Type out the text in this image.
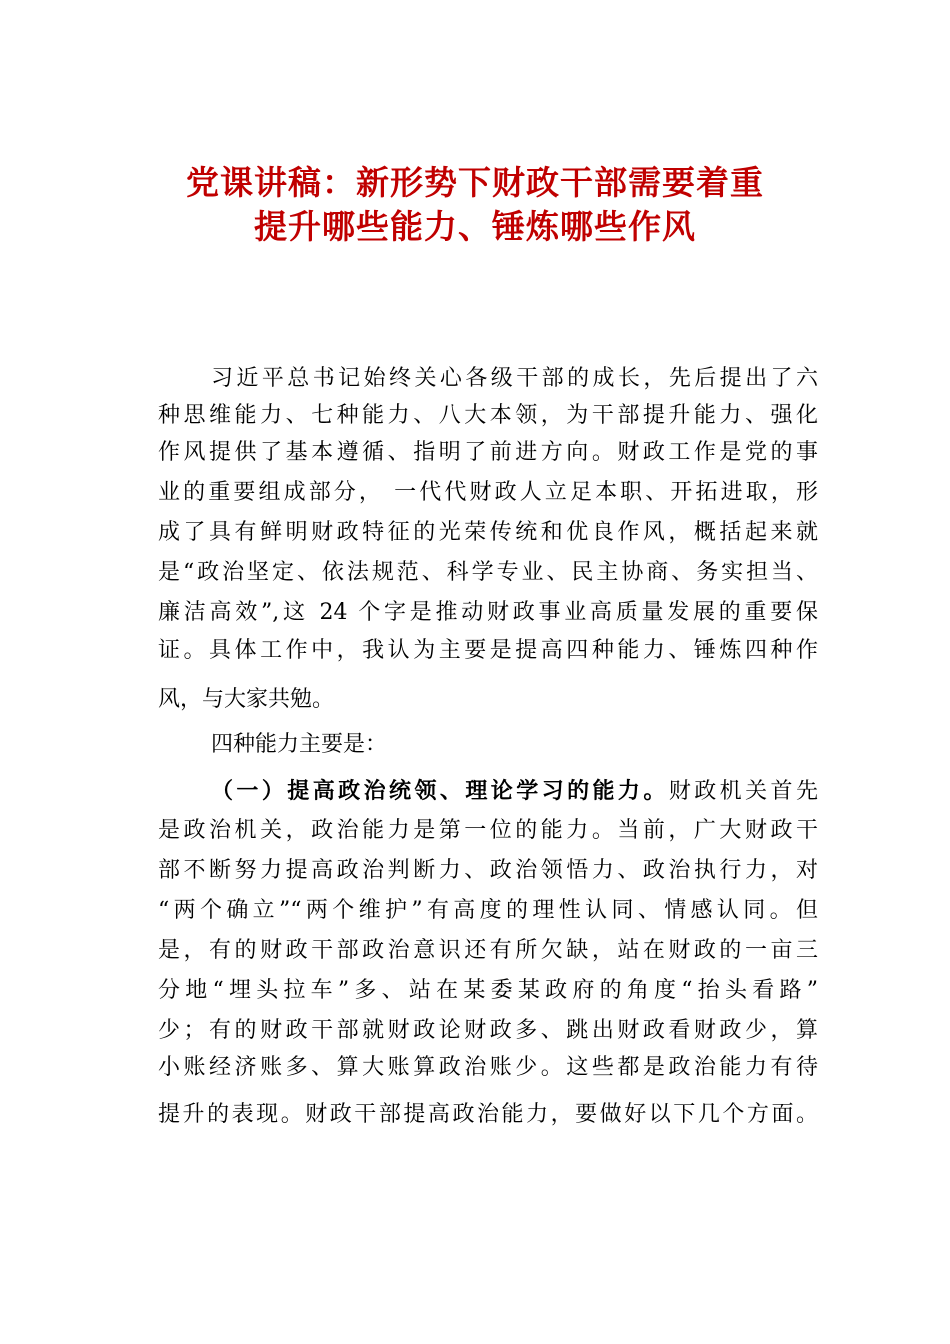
党课讲稿：新形势下财政干部需要着重
提升哪些能力、锤炼哪些作风
习近平总书记始终关心各级干部的成长，先后提出了六
种思维能力、七种能力、八大本领，为干部提升能力、强化
作风提供了基本遵循、指明了前进方向。财政工作是党的事
业的重要组成部分， 一代代财政人立足本职、开拓进取，形
成了具有鲜明财政特征的光荣传统和优良作风，概括起来就
是“政治坚定、依法规范、科学专业、民主协商、务实担当、
廉洁高效”,这 24 个字是推动财政事业高质量发展的重要保
证。具体工作中，我认为主要是提高四种能力、锤炼四种作
风，与大家共勉。
四种能力主要是：
（一）提高政治统领、理论学习的能力。财政机关首先
是政治机关，政治能力是第一位的能力。当前，广大财政干
部不断努力提高政治判断力、政治领悟力、政治执行力，对
“两个确立”“两个维护”有高度的理性认同、情感认同。但
是，有的财政干部政治意识还有所欠缺，站在财政的一亩三
分地“埋头拉车”多、站在某委某政府的角度“抬头看路”
少；有的财政干部就财政论财政多、跳出财政看财政少，算
小账经济账多、算大账算政治账少。这些都是政治能力有待
提升的表现。财政干部提高政治能力，要做好以下几个方面。
